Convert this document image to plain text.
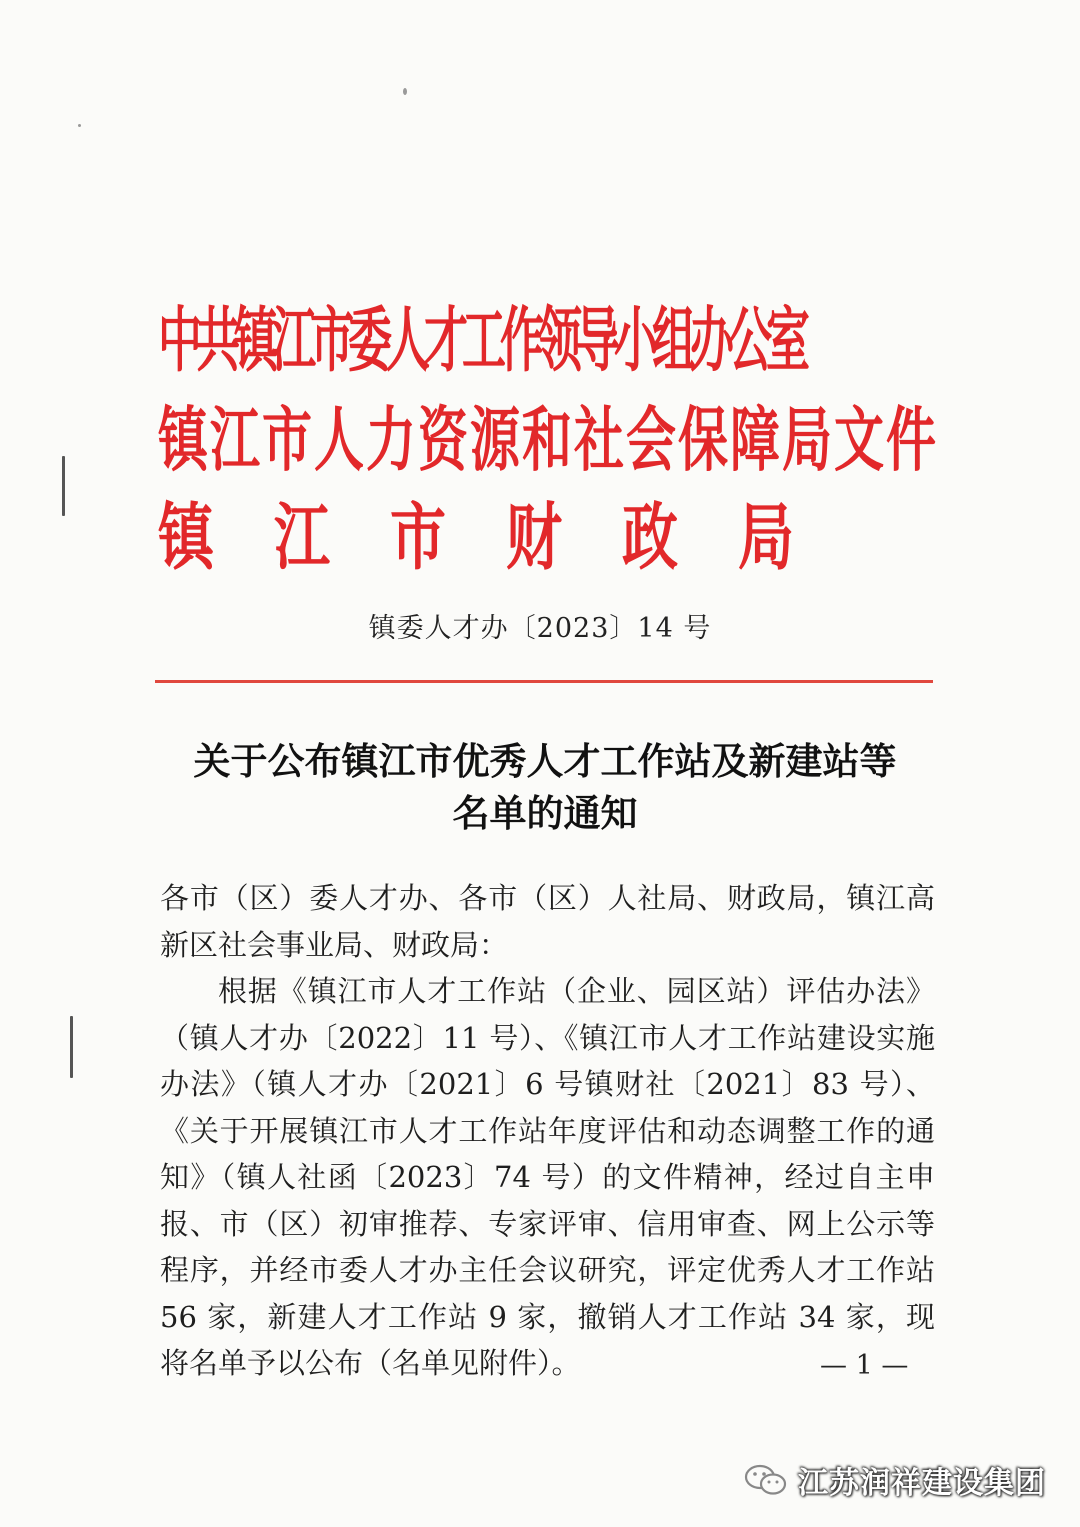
中共镇江市委人才工作领导小组办公室
镇江市人力资源和社会保障局文件
镇江市财政局
镇委人才办〔2023〕14 号
关于公布镇江市优秀人才工作站及新建站等
名单的通知

各市（区）委人才办、各市（区）人社局、财政局，镇江高新区社会事业局、财政局：

根据《镇江市人才工作站（企业、园区站）评估办法》（镇人才办〔2022〕11 号）、《镇江市人才工作站建设实施办法》（镇人才办〔2021〕6 号镇财社〔2021〕83 号）、《关于开展镇江市人才工作站年度评估和动态调整工作的通知》（镇人社函〔2023〕74 号）的文件精神，经过自主申报、市（区）初审推荐、专家评审、信用审查、网上公示等程序，并经市委人才办主任会议研究，评定优秀人才工作站 56 家，新建人才工作站 9 家，撤销人才工作站 34 家，现将名单予以公布（名单见附件）。	— 1 —
江苏润祥建设集团
